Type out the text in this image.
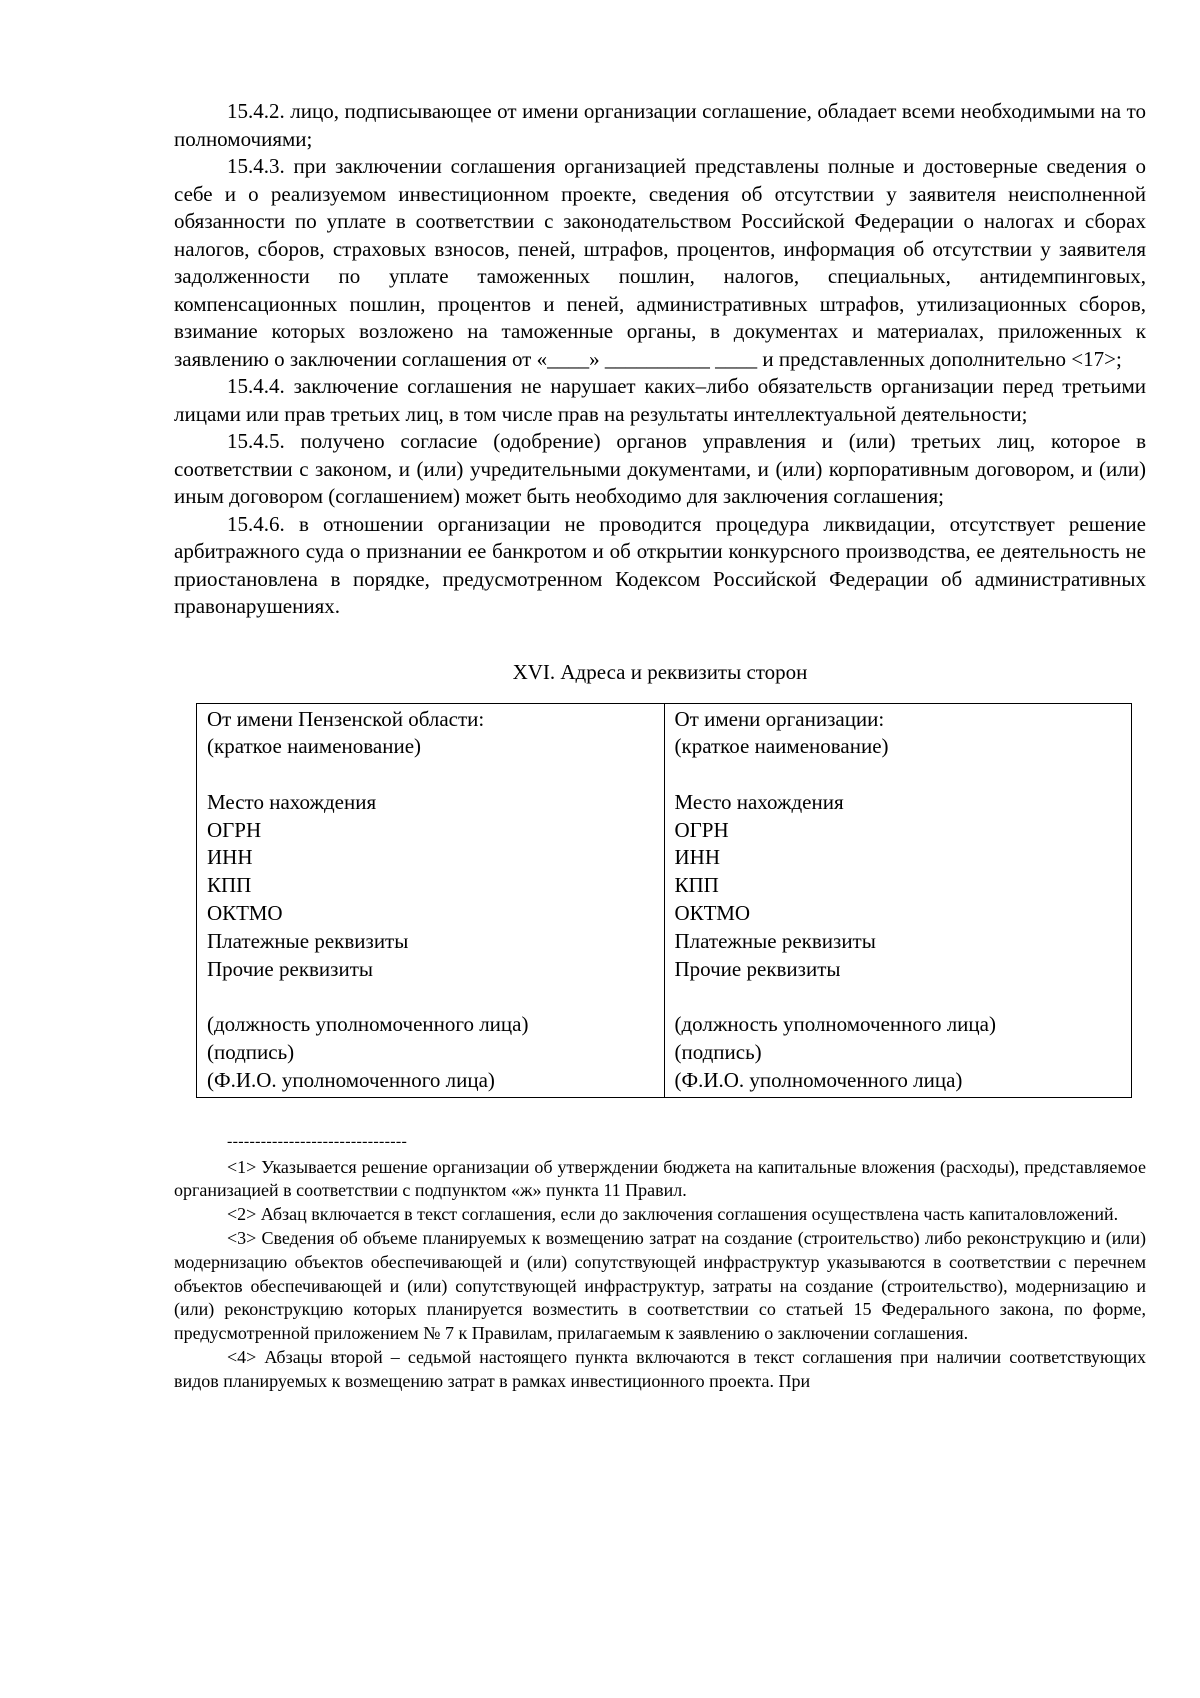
15.4.2. лицо, подписывающее от имени организации соглашение, обладает всеми необходимыми на то полномочиями;

15.4.3. при заключении соглашения организацией представлены полные и достоверные сведения о себе и о реализуемом инвестиционном проекте, сведения об отсутствии у заявителя неисполненной обязанности по уплате в соответствии с законодательством Российской Федерации о налогах и сборах налогов, сборов, страховых взносов, пеней, штрафов, процентов, информация об отсутствии у заявителя задолженности по уплате таможенных пошлин, налогов, специальных, антидемпинговых, компенсационных пошлин, процентов и пеней, административных штрафов, утилизационных сборов, взимание которых возложено на таможенные органы, в документах и материалах, приложенных к заявлению о заключении соглашения от «____» __________ ____ и представленных дополнительно <17>;

15.4.4. заключение соглашения не нарушает каких–либо обязательств организации перед третьими лицами или прав третьих лиц, в том числе прав на результаты интеллектуальной деятельности;

15.4.5. получено согласие (одобрение) органов управления и (или) третьих лиц, которое в соответствии с законом, и (или) учредительными документами, и (или) корпоративным договором, и (или) иным договором (соглашением) может быть необходимо для заключения соглашения;

15.4.6. в отношении организации не проводится процедура ликвидации, отсутствует решение арбитражного суда о признании ее банкротом и об открытии конкурсного производства, ее деятельность не приостановлена в порядке, предусмотренном Кодексом Российской Федерации об административных правонарушениях.

XVI. Адреса и реквизиты сторон
От имени Пензенской области:
(краткое наименование)
Место нахождения
ОГРН
ИНН
КПП
ОКТМО
Платежные реквизиты
Прочие реквизиты
(должность уполномоченного лица)
(подпись)
(Ф.И.О. уполномоченного лица)

От имени организации:
(краткое наименование)
Место нахождения
ОГРН
ИНН
КПП
ОКТМО
Платежные реквизиты
Прочие реквизиты
(должность уполномоченного лица)
(подпись)
(Ф.И.О. уполномоченного лица)
--------------------------------

<1> Указывается решение организации об утверждении бюджета на капитальные вложения (расходы), представляемое организацией в соответствии с подпунктом «ж» пункта 11 Правил.

<2> Абзац включается в текст соглашения, если до заключения соглашения осуществлена часть капиталовложений.

<3> Сведения об объеме планируемых к возмещению затрат на создание (строительство) либо реконструкцию и (или) модернизацию объектов обеспечивающей и (или) сопутствующей инфраструктур указываются в соответствии с перечнем объектов обеспечивающей и (или) сопутствующей инфраструктур, затраты на создание (строительство), модернизацию и (или) реконструкцию которых планируется возместить в соответствии со статьей 15 Федерального закона, по форме, предусмотренной приложением № 7 к Правилам, прилагаемым к заявлению о заключении соглашения.

<4> Абзацы второй – седьмой настоящего пункта включаются в текст соглашения при наличии соответствующих видов планируемых к возмещению затрат в рамках инвестиционного проекта. При
